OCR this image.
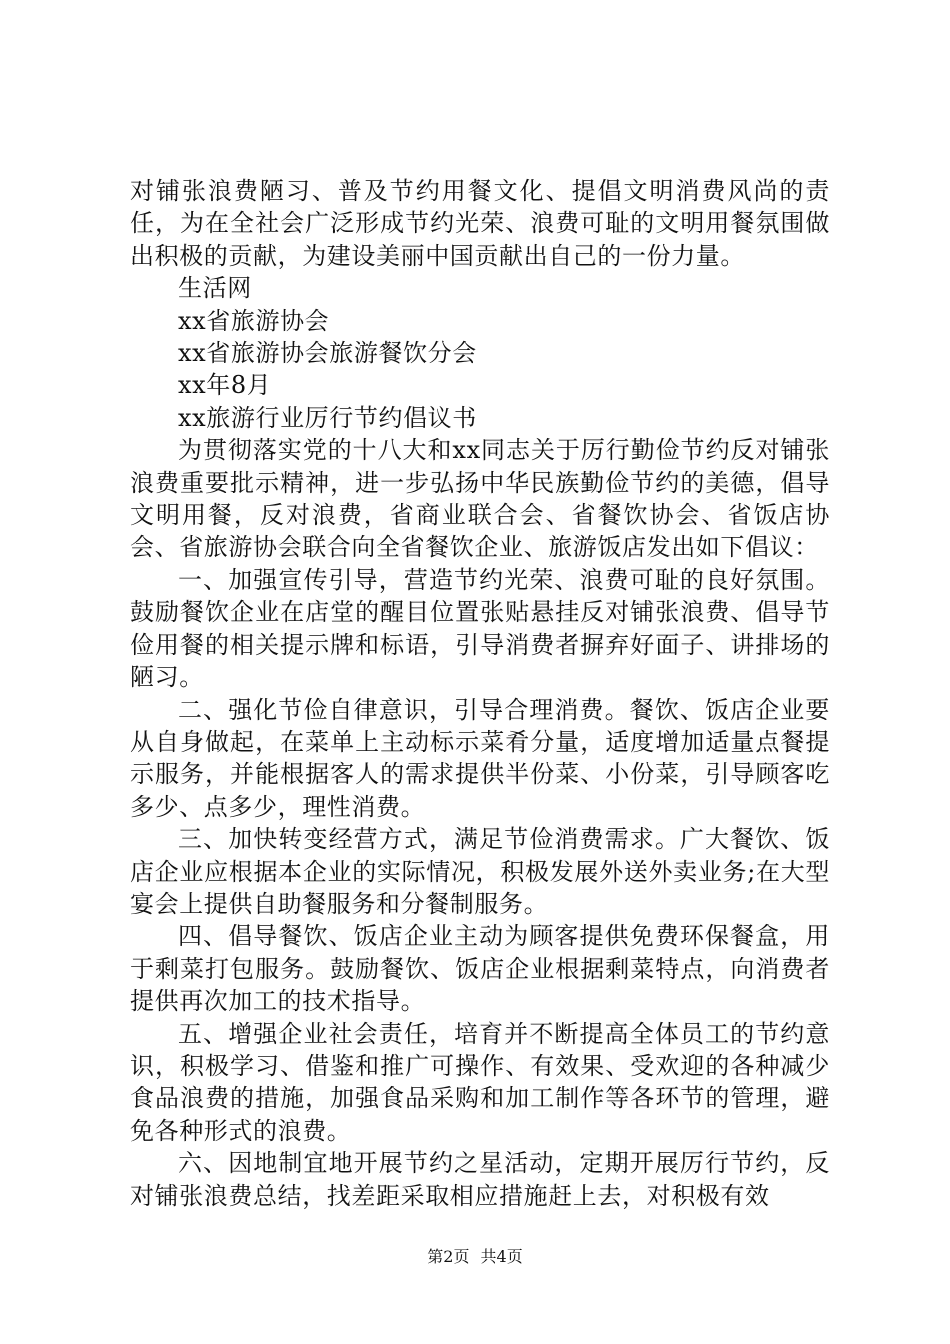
对铺张浪费陋习、普及节约用餐文化、提倡文明消费风尚的责任，为在全社会广泛形成节约光荣、浪费可耻的文明用餐氛围做出积极的贡献，为建设美丽中国贡献出自己的一份力量。

生活网

xx省旅游协会

xx省旅游协会旅游餐饮分会

xx年8月

xx旅游行业厉行节约倡议书

为贯彻落实党的十八大和xx同志关于厉行勤俭节约反对铺张浪费重要批示精神，进一步弘扬中华民族勤俭节约的美德，倡导文明用餐，反对浪费，省商业联合会、省餐饮协会、省饭店协会、省旅游协会联合向全省餐饮企业、旅游饭店发出如下倡议：

一、加强宣传引导，营造节约光荣、浪费可耻的良好氛围。鼓励餐饮企业在店堂的醒目位置张贴悬挂反对铺张浪费、倡导节俭用餐的相关提示牌和标语，引导消费者摒弃好面子、讲排场的陋习。

二、强化节俭自律意识，引导合理消费。餐饮、饭店企业要从自身做起，在菜单上主动标示菜肴分量，适度增加适量点餐提示服务，并能根据客人的需求提供半份菜、小份菜，引导顾客吃多少、点多少，理性消费。

三、加快转变经营方式，满足节俭消费需求。广大餐饮、饭店企业应根据本企业的实际情况，积极发展外送外卖业务;在大型宴会上提供自助餐服务和分餐制服务。

四、倡导餐饮、饭店企业主动为顾客提供免费环保餐盒，用于剩菜打包服务。鼓励餐饮、饭店企业根据剩菜特点，向消费者提供再次加工的技术指导。

五、增强企业社会责任，培育并不断提高全体员工的节约意识，积极学习、借鉴和推广可操作、有效果、受欢迎的各种减少食品浪费的措施，加强食品采购和加工制作等各环节的管理，避免各种形式的浪费。

六、因地制宜地开展节约之星活动，定期开展厉行节约，反对铺张浪费总结，找差距采取相应措施赶上去，对积极有效

第2页 共4页
